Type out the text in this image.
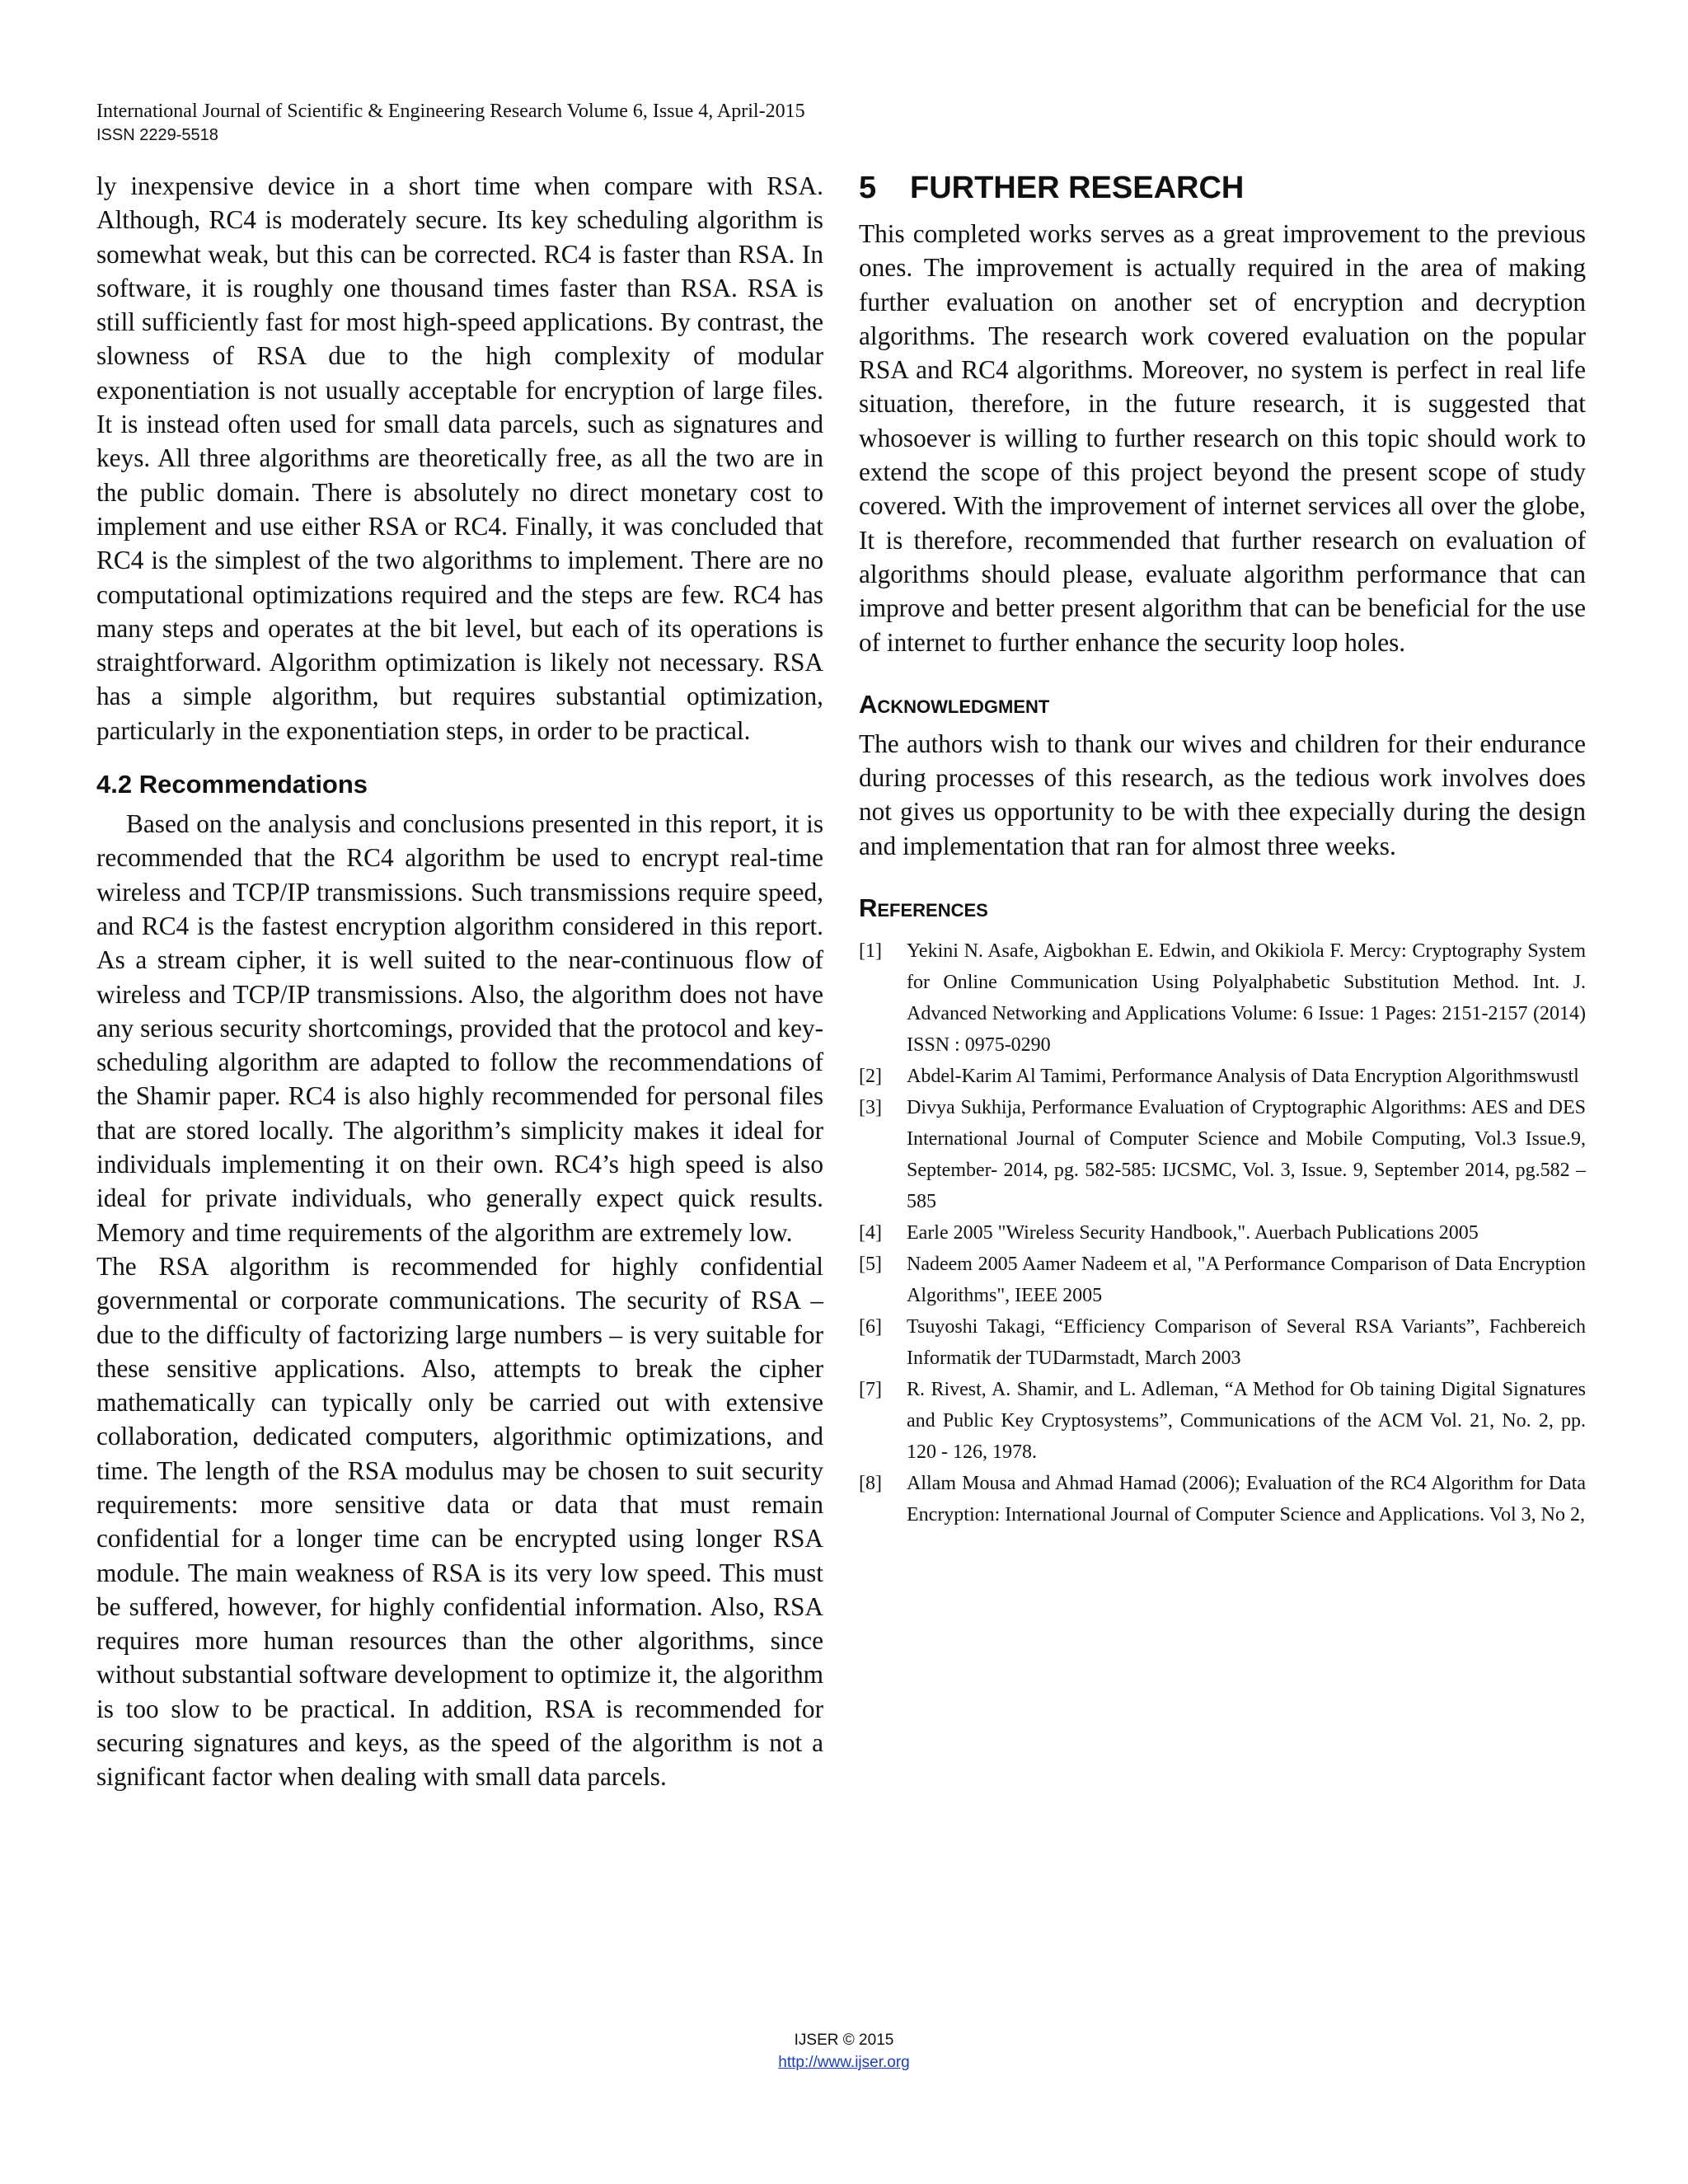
International Journal of Scientific & Engineering Research Volume 6, Issue 4, April-2015

ISSN 2229-5518

ly inexpensive device in a short time when compare with RSA. Although, RC4 is moderately secure. Its key scheduling algorithm is somewhat weak, but this can be corrected. RC4 is faster than RSA. In software, it is roughly one thousand times faster than RSA. RSA is still sufficiently fast for most high-speed applications. By contrast, the slowness of RSA due to the high complexity of modular exponentiation is not usually acceptable for encryption of large files. It is instead often used for small data parcels, such as signatures and keys. All three algorithms are theoretically free, as all the two are in the public domain. There is absolutely no direct monetary cost to implement and use either RSA or RC4. Finally, it was concluded that RC4 is the simplest of the two algorithms to implement. There are no computational optimizations required and the steps are few. RC4 has many steps and operates at the bit level, but each of its operations is straightforward. Algorithm optimization is likely not necessary. RSA has a simple algorithm, but requires substantial optimization, particularly in the exponentiation steps, in order to be practical.

4.2 Recommendations

Based on the analysis and conclusions presented in this report, it is recommended that the RC4 algorithm be used to encrypt real-time wireless and TCP/IP transmissions. Such transmissions require speed, and RC4 is the fastest encryption algorithm considered in this report. As a stream cipher, it is well suited to the near-continuous flow of wireless and TCP/IP transmissions. Also, the algorithm does not have any serious security shortcomings, provided that the protocol and key-scheduling algorithm are adapted to follow the recommendations of the Shamir paper. RC4 is also highly recommended for personal files that are stored locally. The algorithm’s simplicity makes it ideal for individuals implementing it on their own. RC4’s high speed is also ideal for private individuals, who generally expect quick results. Memory and time requirements of the algorithm are extremely low.

The RSA algorithm is recommended for highly confidential governmental or corporate communications. The security of RSA – due to the difficulty of factorizing large numbers – is very suitable for these sensitive applications. Also, attempts to break the cipher mathematically can typically only be carried out with extensive collaboration, dedicated computers, algorithmic optimizations, and time. The length of the RSA modulus may be chosen to suit security requirements: more sensitive data or data that must remain confidential for a longer time can be encrypted using longer RSA module. The main weakness of RSA is its very low speed. This must be suffered, however, for highly confidential information. Also, RSA requires more human resources than the other algorithms, since without substantial software development to optimize it, the algorithm is too slow to be practical. In addition, RSA is recommended for securing signatures and keys, as the speed of the algorithm is not a significant factor when dealing with small data parcels.

5 FURTHER RESEARCH

This completed works serves as a great improvement to the previous ones. The improvement is actually required in the area of making further evaluation on another set of encryption and decryption algorithms. The research work covered evaluation on the popular RSA and RC4 algorithms. Moreover, no system is perfect in real life situation, therefore, in the future research, it is suggested that whosoever is willing to further research on this topic should work to extend the scope of this project beyond the present scope of study covered. With the improvement of internet services all over the globe, It is therefore, recommended that further research on evaluation of algorithms should please, evaluate algorithm performance that can improve and better present algorithm that can be beneficial for the use of internet to further enhance the security loop holes.

Acknowledgment

The authors wish to thank our wives and children for their endurance during processes of this research, as the tedious work involves does not gives us opportunity to be with thee expecially during the design and implementation that ran for almost three weeks.

References
[1]	Yekini N. Asafe, Aigbokhan E. Edwin, and Okikiola F. Mercy: Cryptography System for Online Communication Using Polyalphabetic Substitution Method. Int. J. Advanced Networking and Applications Volume: 6 Issue: 1 Pages: 2151-2157 (2014) ISSN : 0975-0290
[2]	Abdel-Karim Al Tamimi, Performance Analysis of Data Encryption Algorithmswustl
[3]	Divya Sukhija, Performance Evaluation of Cryptographic Algorithms: AES and DES International Journal of Computer Science and Mobile Computing, Vol.3 Issue.9, September- 2014, pg. 582-585: IJCSMC, Vol. 3, Issue. 9, September 2014, pg.582 – 585
[4]	Earle 2005 "Wireless Security Handbook,". Auerbach Publications 2005
[5]	Nadeem 2005 Aamer Nadeem et al, "A Performance Comparison of Data Encryption Algorithms", IEEE 2005
[6]	Tsuyoshi Takagi, “Efficiency Comparison of Several RSA Variants”, Fachbereich Informatik der TUDarmstadt, March 2003
[7]	R. Rivest, A. Shamir, and L. Adleman, “A Method for Ob taining Digital Signatures and Public Key Cryptosystems”, Communications of the ACM Vol. 21, No. 2, pp. 120 - 126, 1978.
[8]	Allam Mousa and Ahmad Hamad (2006); Evaluation of the RC4 Algorithm for Data Encryption: International Journal of Computer Science and Applications. Vol 3, No 2,
IJSER © 2015
http://www.ijser.org
